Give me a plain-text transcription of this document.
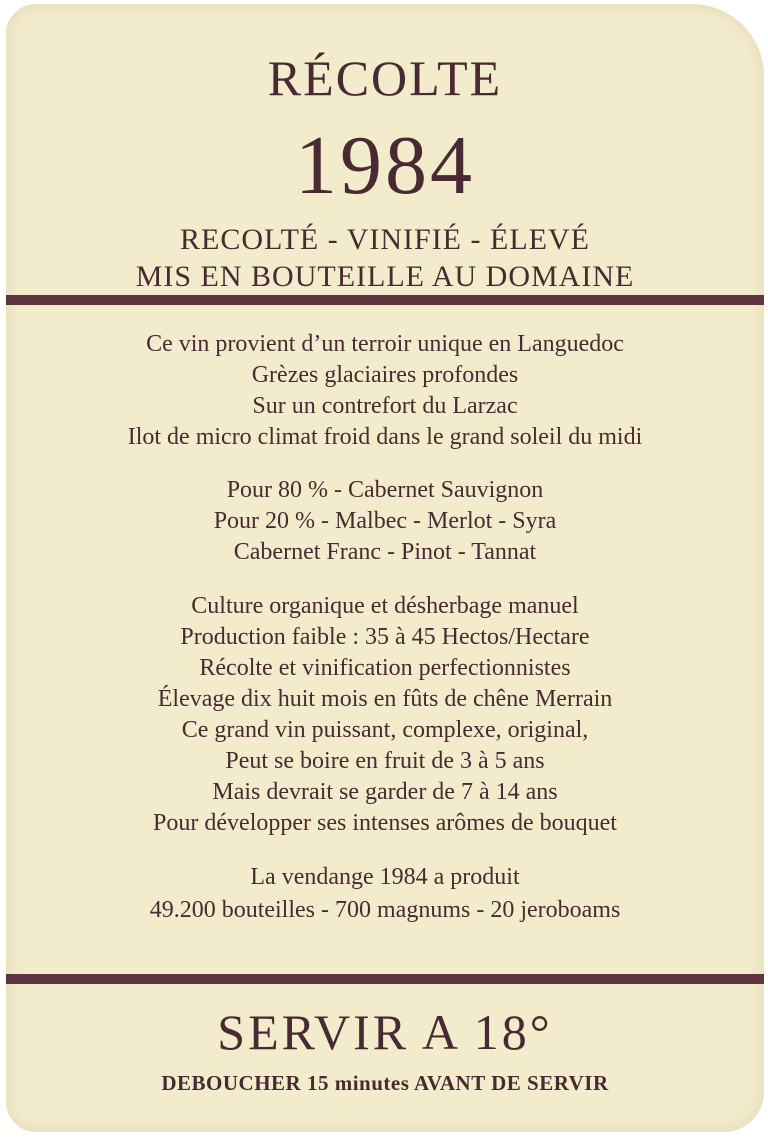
RÉCOLTE

1984

RECOLTÉ - VINIFIÉ - ÉLEVÉ

MIS EN BOUTEILLE AU DOMAINE

Ce vin provient d’un terroir unique en Languedoc

Grèzes glaciaires profondes

Sur un contrefort du Larzac

Ilot de micro climat froid dans le grand soleil du midi

Pour 80 % - Cabernet Sauvignon

Pour 20 % - Malbec - Merlot - Syra

Cabernet Franc - Pinot - Tannat

Culture organique et désherbage manuel

Production faible : 35 à 45 Hectos/Hectare

Récolte et vinification perfectionnistes

Élevage dix huit mois en fûts de chêne Merrain

Ce grand vin puissant, complexe, original,

Peut se boire en fruit de 3 à 5 ans

Mais devrait se garder de 7 à 14 ans

Pour développer ses intenses arômes de bouquet

La vendange 1984 a produit

49.200 bouteilles - 700 magnums - 20 jeroboams

SERVIR A 18°

DEBOUCHER 15 minutes AVANT DE SERVIR
